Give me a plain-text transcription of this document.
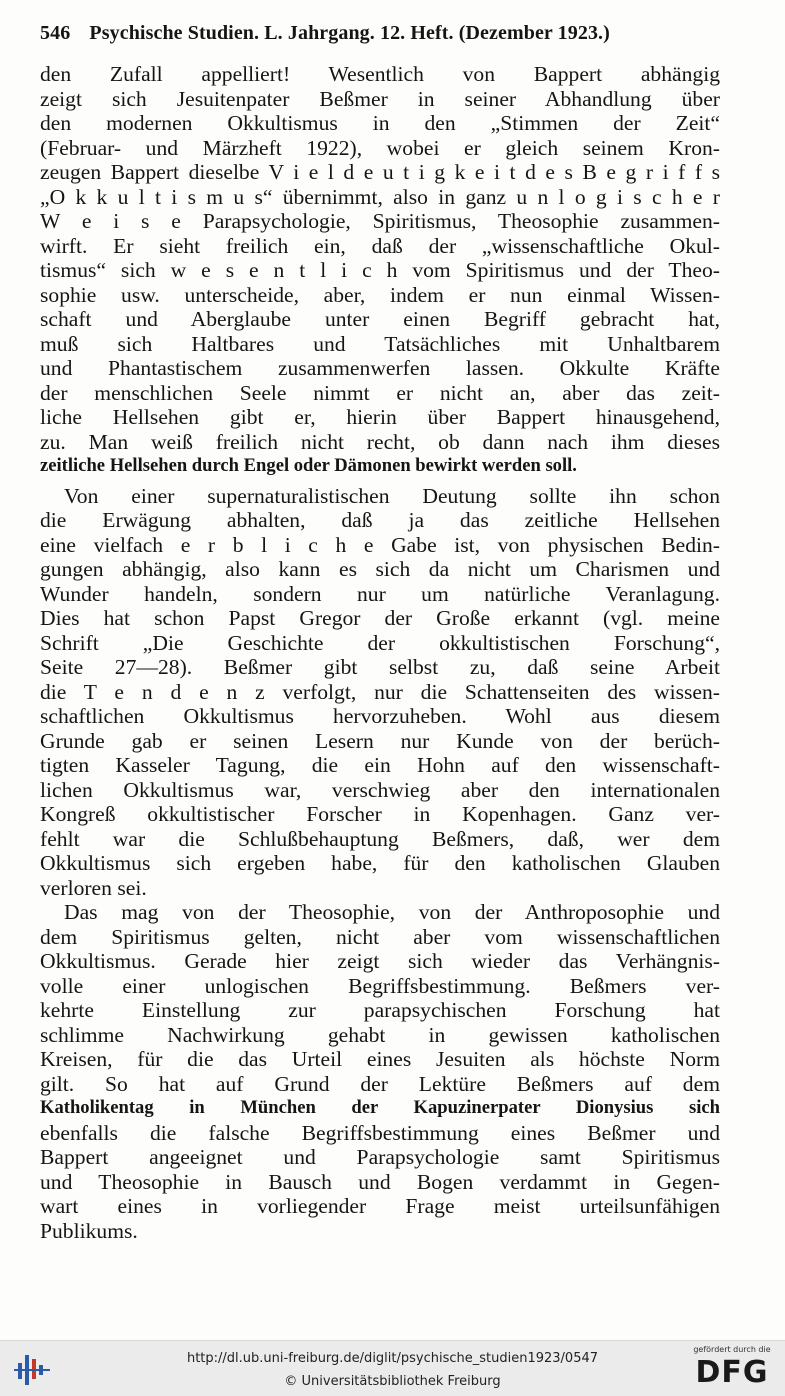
546 Psychische Studien. L. Jahrgang. 12. Heft. (Dezember 1923.)
den Zufall appelliert! Wesentlich von Bappert abhängig
zeigt sich Jesuitenpater Beßmer in seiner Abhandlung über
den modernen Okkultismus in den „Stimmen der Zeit“
(Februar- und Märzheft 1922), wobei er gleich seinem Kron-
zeugen Bappert dieselbe V i e l d e u t i g k e i t d e s B e g r i f f s
„O k k u l t i s m u s“ übernimmt, also in ganz u n l o g i s c h e r
W e i s e Parapsychologie, Spiritismus, Theosophie zusammen-
wirft. Er sieht freilich ein, daß der „wissenschaftliche Okul-
tismus“ sich w e s e n t l i c h vom Spiritismus und der Theo-
sophie usw. unterscheide, aber, indem er nun einmal Wissen-
schaft und Aberglaube unter einen Begriff gebracht hat,
muß sich Haltbares und Tatsächliches mit Unhaltbarem
und Phantastischem zusammenwerfen lassen. Okkulte Kräfte
der menschlichen Seele nimmt er nicht an, aber das zeit-
liche Hellsehen gibt er, hierin über Bappert hinausgehend,
zu. Man weiß freilich nicht recht, ob dann nach ihm dieses
zeitliche Hellsehen durch Engel oder Dämonen bewirkt werden soll.
Von einer supernaturalistischen Deutung sollte ihn schon
die Erwägung abhalten, daß ja das zeitliche Hellsehen
eine vielfach e r b l i c h e Gabe ist, von physischen Bedin-
gungen abhängig, also kann es sich da nicht um Charismen und
Wunder handeln, sondern nur um natürliche Veranlagung.
Dies hat schon Papst Gregor der Große erkannt (vgl. meine
Schrift „Die Geschichte der okkultistischen Forschung“,
Seite 27—28). Beßmer gibt selbst zu, daß seine Arbeit
die T e n d e n z verfolgt, nur die Schattenseiten des wissen-
schaftlichen Okkultismus hervorzuheben. Wohl aus diesem
Grunde gab er seinen Lesern nur Kunde von der berüch-
tigten Kasseler Tagung, die ein Hohn auf den wissenschaft-
lichen Okkultismus war, verschwieg aber den internationalen
Kongreß okkultistischer Forscher in Kopenhagen. Ganz ver-
fehlt war die Schlußbehauptung Beßmers, daß, wer dem
Okkultismus sich ergeben habe, für den katholischen Glauben
verloren sei.
Das mag von der Theosophie, von der Anthroposophie und
dem Spiritismus gelten, nicht aber vom wissenschaftlichen
Okkultismus. Gerade hier zeigt sich wieder das Verhängnis-
volle einer unlogischen Begriffsbestimmung. Beßmers ver-
kehrte Einstellung zur parapsychischen Forschung hat
schlimme Nachwirkung gehabt in gewissen katholischen
Kreisen, für die das Urteil eines Jesuiten als höchste Norm
gilt. So hat auf Grund der Lektüre Beßmers auf dem
Katholikentag in München der Kapuzinerpater Dionysius sich
ebenfalls die falsche Begriffsbestimmung eines Beßmer und
Bappert angeeignet und Parapsychologie samt Spiritismus
und Theosophie in Bausch und Bogen verdammt in Gegen-
wart eines in vorliegender Frage meist urteilsunfähigen
Publikums.
http://dl.ub.uni-freiburg.de/diglit/psychische_studien1923/0547
© Universitätsbibliothek Freiburg
gefördert durch die
DFG
